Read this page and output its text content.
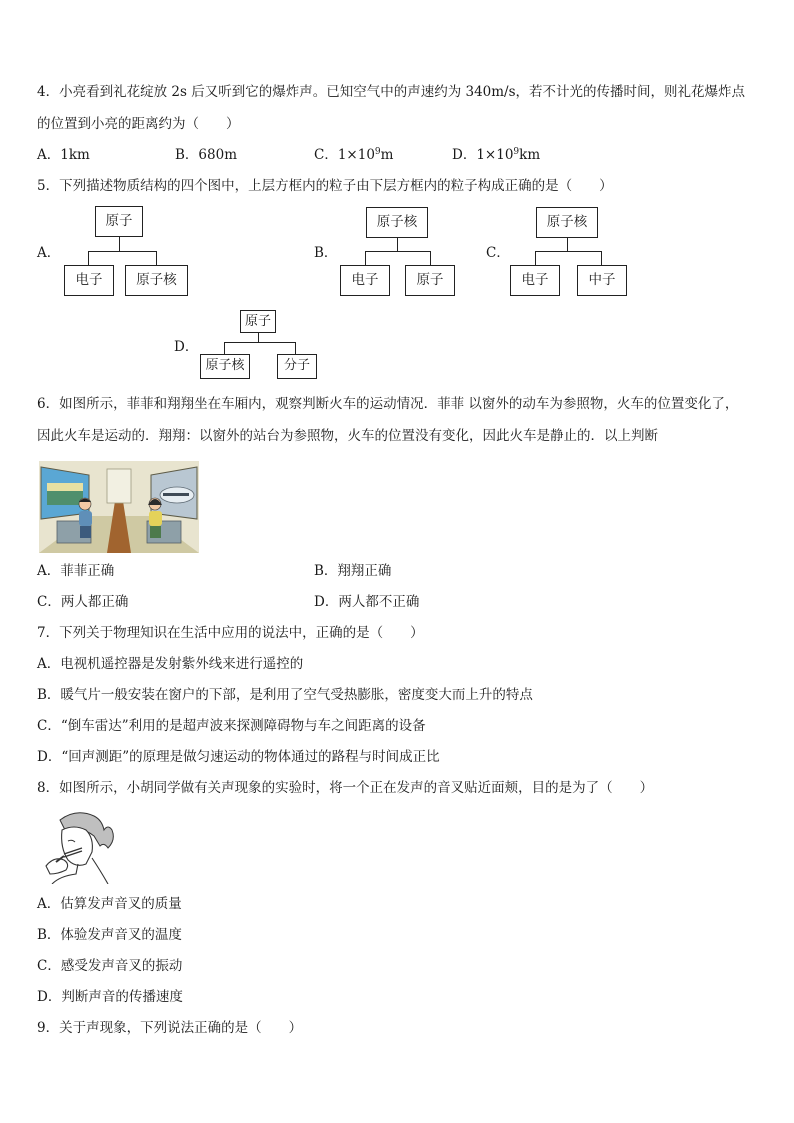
4．小亮看到礼花绽放 2s 后又听到它的爆炸声。已知空气中的声速约为 340m/s，若不计光的传播时间，则礼花爆炸点
的位置到小亮的距离约为（　　）
A．1km	B．680m	C．$1\times 10^9m$	D．$1\times 10^9km$
5．下列描述物质结构的四个图中，上层方框内的粒子由下层方框内的粒子构成正确的是（　　）
A．
原子
电子	原子核
B．
原子核
电子	原子
C．
原子核
电子	中子
D．
原子
原子核	分子
6．如图所示，菲菲和翔翔坐在车厢内，观察判断火车的运动情况．菲菲 以窗外的动车为参照物，火车的位置变化了，
因此火车是运动的．翔翔：以窗外的站台为参照物，火车的位置没有变化，因此火车是静止的．以上判断
A．菲菲正确	B．翔翔正确
C．两人都正确	D．两人都不正确
7．下列关于物理知识在生活中应用的说法中，正确的是（　　）
A．电视机遥控器是发射紫外线来进行遥控的
B．暖气片一般安装在窗户的下部，是利用了空气受热膨胀，密度变大而上升的特点
C．“倒车雷达”利用的是超声波来探测障碍物与车之间距离的设备
D．“回声测距”的原理是做匀速运动的物体通过的路程与时间成正比
8．如图所示，小胡同学做有关声现象的实验时，将一个正在发声的音叉贴近面颊，目的是为了（　　）
A．估算发声音叉的质量
B．体验发声音叉的温度
C．感受发声音叉的振动
D．判断声音的传播速度
9．关于声现象，下列说法正确的是（　　）
